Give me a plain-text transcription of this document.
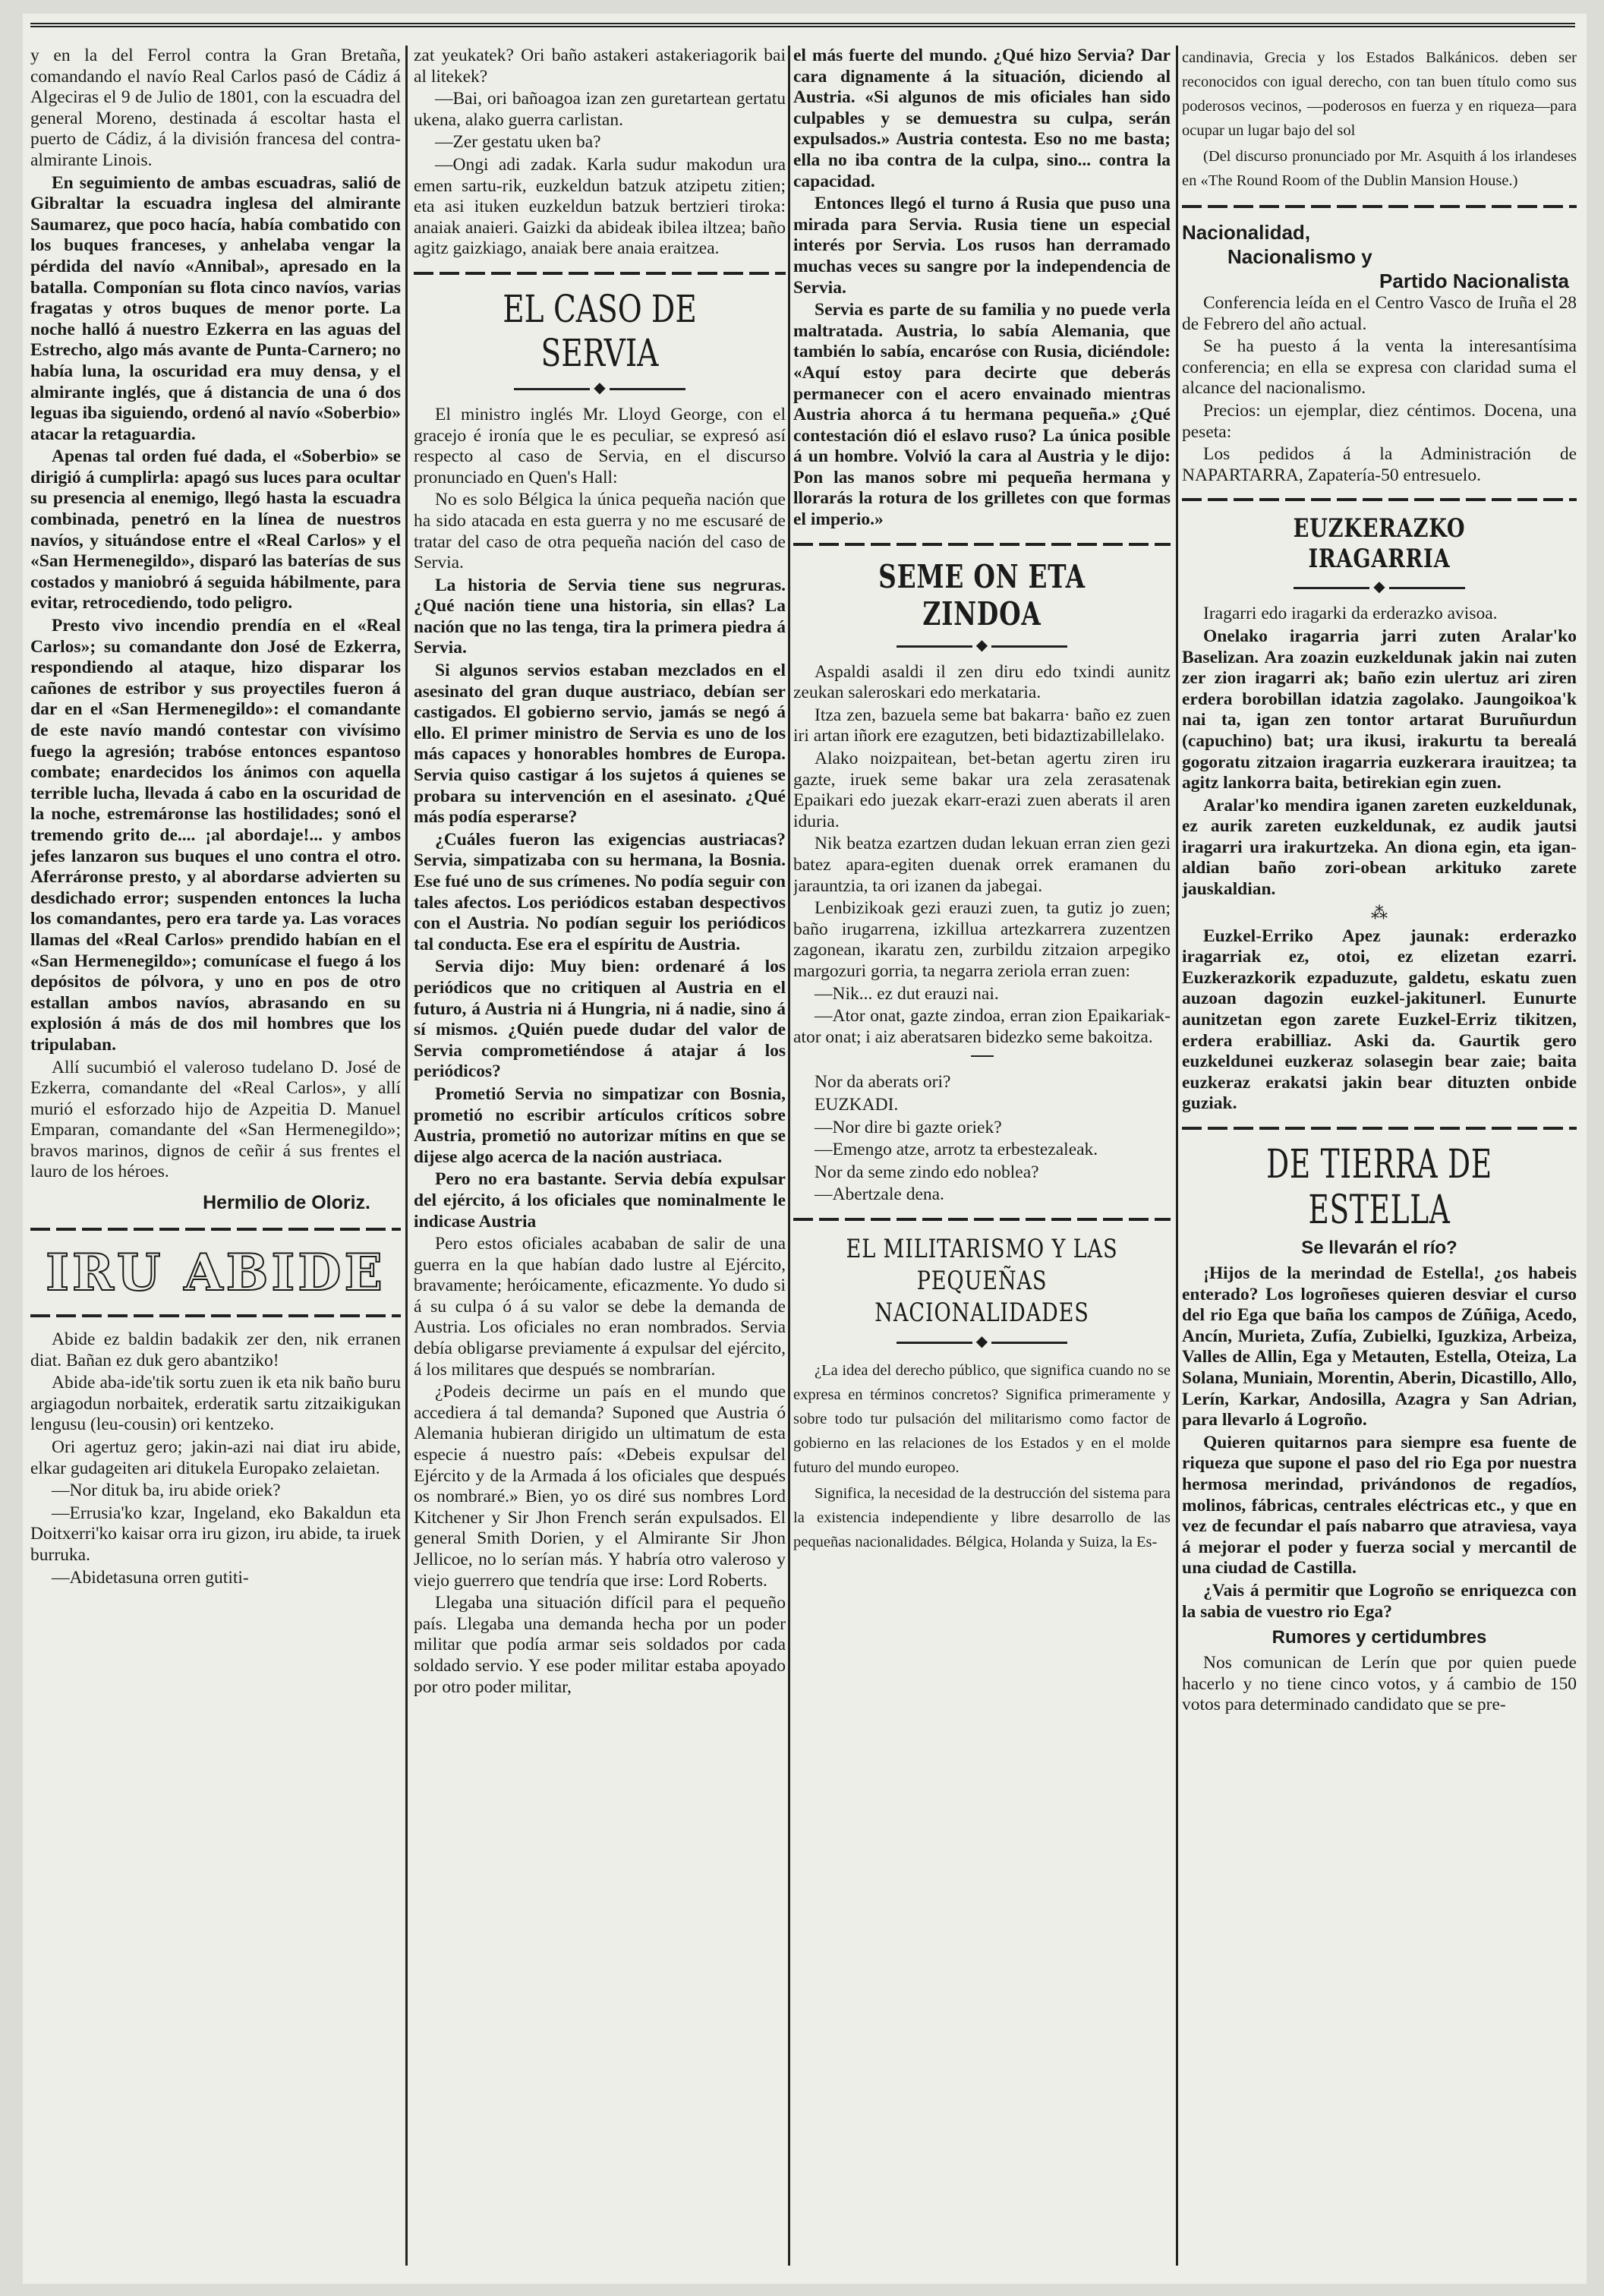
y en la del Ferrol contra la Gran Bretaña, comandando el navío Real Carlos pasó de Cádiz á Algeciras el 9 de Julio de 1801, con la escuadra del general Moreno, destinada á escoltar hasta el puerto de Cádiz, á la división francesa del contra-almirante Linois.

En seguimiento de ambas escuadras, salió de Gibraltar la escuadra inglesa del almirante Saumarez, que poco hacía, había combatido con los buques franceses, y anhelaba vengar la pérdida del navío «Annibal», apresado en la batalla. Componían su flota cinco navíos, varias fragatas y otros buques de menor porte. La noche halló á nuestro Ezkerra en las aguas del Estrecho, algo más avante de Punta-Carnero; no había luna, la oscuridad era muy densa, y el almirante inglés, que á distancia de una ó dos leguas iba siguiendo, ordenó al navío «Soberbio» atacar la retaguardia.

Apenas tal orden fué dada, el «Soberbio» se dirigió á cumplirla: apagó sus luces para ocultar su presencia al enemigo, llegó hasta la escuadra combinada, penetró en la línea de nuestros navíos, y situándose entre el «Real Carlos» y el «San Hermenegildo», disparó las baterías de sus costados y maniobró á seguida hábilmente, para evitar, retrocediendo, todo peligro.

Presto vivo incendio prendía en el «Real Carlos»; su comandante don José de Ezkerra, respondiendo al ataque, hizo disparar los cañones de estribor y sus proyectiles fueron á dar en el «San Hermenegildo»: el comandante de este navío mandó contestar con vivísimo fuego la agresión; trabóse entonces espantoso combate; enardecidos los ánimos con aquella terrible lucha, llevada á cabo en la oscuridad de la noche, estremáronse las hostilidades; sonó el tremendo grito de.... ¡al abordaje!... y ambos jefes lanzaron sus buques el uno contra el otro. Aferráronse presto, y al abordarse advierten su desdichado error; suspenden entonces la lucha los comandantes, pero era tarde ya. Las voraces llamas del «Real Carlos» prendido habían en el «San Hermenegildo»; comunícase el fuego á los depósitos de pólvora, y uno en pos de otro estallan ambos navíos, abrasando en su explosión á más de dos mil hombres que los tripulaban.

Allí sucumbió el valeroso tudelano D. José de Ezkerra, comandante del «Real Carlos», y allí murió el esforzado hijo de Azpeitia D. Manuel Emparan, comandante del «San Hermenegildo»; bravos marinos, dignos de ceñir á sus frentes el lauro de los héroes.

Hermilio de Oloriz.
IRU ABIDE

Abide ez baldin badakik zer den, nik erranen diat. Bañan ez duk gero abantziko!

Abide aba-ide'tik sortu zuen ik eta nik baño buru argiagodun norbaitek, erderatik sartu zitzaikigukan lengusu (leu-cousin) ori kentzeko.

Ori agertuz gero; jakin-azi nai diat iru abide, elkar gudageiten ari ditukela Europako zelaietan.

—Nor dituk ba, iru abide oriek?

—Errusia'ko kzar, Ingeland, eko Bakaldun eta Doitxerri'ko kaisar orra iru gizon, iru abide, ta iruek burruka.

—Abidetasuna orren gutiti-

zat yeukatek? Ori baño astakeri astakeriagorik bai al litekek?

—Bai, ori bañoagoa izan zen guretartean gertatu ukena, alako guerra carlistan.

—Zer gestatu uken ba?

—Ongi adi zadak. Karla sudur makodun ura emen sartu-rik, euzkeldun batzuk atzipetu zitien; eta asi ituken euzkeldun batzuk bertzieri tiroka: anaiak anaieri. Gaizki da abideak ibilea iltzea; baño agitz gaizkiago, anaiak bere anaia eraitzea.

EL CASO DE SERVIA
◆

El ministro inglés Mr. Lloyd George, con el gracejo é ironía que le es peculiar, se expresó así respecto al caso de Servia, en el discurso pronunciado en Quen's Hall:

No es solo Bélgica la única pequeña nación que ha sido atacada en esta guerra y no me escusaré de tratar del caso de otra pequeña nación del caso de Servia.

La historia de Servia tiene sus negruras. ¿Qué nación tiene una historia, sin ellas? La nación que no las tenga, tira la primera piedra á Servia.

Si algunos servios estaban mezclados en el asesinato del gran duque austriaco, debían ser castigados. El gobierno servio, jamás se negó á ello. El primer ministro de Servia es uno de los más capaces y honorables hombres de Europa. Servia quiso castigar á los sujetos á quienes se probara su intervención en el asesinato. ¿Qué más podía esperarse?

¿Cuáles fueron las exigencias austriacas? Servia, simpatizaba con su hermana, la Bosnia. Ese fué uno de sus crímenes. No podía seguir con tales afectos. Los periódicos estaban despectivos con el Austria. No podían seguir los periódicos tal conducta. Ese era el espíritu de Austria.

Servia dijo: Muy bien: ordenaré á los periódicos que no critiquen al Austria en el futuro, á Austria ni á Hungria, ni á nadie, sino á sí mismos. ¿Quién puede dudar del valor de Servia comprometiéndose á atajar á los periódicos?

Prometió Servia no simpatizar con Bosnia, prometió no escribir artículos críticos sobre Austria, prometió no autorizar mítins en que se dijese algo acerca de la nación austriaca.

Pero no era bastante. Servia debía expulsar del ejército, á los oficiales que nominalmente le indicase Austria

Pero estos oficiales acababan de salir de una guerra en la que habían dado lustre al Ejército, bravamente; heróicamente, eficazmente. Yo dudo si á su culpa ó á su valor se debe la demanda de Austria. Los oficiales no eran nombrados. Servia debía obligarse previamente á expulsar del ejército, á los militares que después se nombrarían.

¿Podeis decirme un país en el mundo que accediera á tal demanda? Suponed que Austria ó Alemania hubieran dirigido un ultimatum de esta especie á nuestro país: «Debeis expulsar del Ejército y de la Armada á los oficiales que después os nombraré.» Bien, yo os diré sus nombres Lord Kitchener y Sir Jhon French serán expulsados. El general Smith Dorien, y el Almirante Sir Jhon Jellicoe, no lo serían más. Y habría otro valeroso y viejo guerrero que tendría que irse: Lord Roberts.

Llegaba una situación difícil para el pequeño país. Llegaba una demanda hecha por un poder militar que podía armar seis soldados por cada soldado servio. Y ese poder militar estaba apoyado por otro poder militar,

el más fuerte del mundo. ¿Qué hizo Servia? Dar cara dignamente á la situación, diciendo al Austria. «Si algunos de mis oficiales han sido culpables y se demuestra su culpa, serán expulsados.» Austria contesta. Eso no me basta; ella no iba contra de la culpa, sino... contra la capacidad.

Entonces llegó el turno á Rusia que puso una mirada para Servia. Rusia tiene un especial interés por Servia. Los rusos han derramado muchas veces su sangre por la independencia de Servia.

Servia es parte de su familia y no puede verla maltratada. Austria, lo sabía Alemania, que también lo sabía, encaróse con Rusia, diciéndole: «Aquí estoy para decirte que deberás permanecer con el acero envainado mientras Austria ahorca á tu hermana pequeña.» ¿Qué contestación dió el eslavo ruso? La única posible á un hombre. Volvió la cara al Austria y le dijo: Pon las manos sobre mi pequeña hermana y llorarás la rotura de los grilletes con que formas el imperio.»

SEME ON ETA ZINDOA
◆

Aspaldi asaldi il zen diru edo txindi aunitz zeukan saleroskari edo merkataria.

Itza zen, bazuela seme bat bakarra· baño ez zuen iri artan iñork ere ezagutzen, beti bidaztizabillelako.

Alako noizpaitean, bet-betan agertu ziren iru gazte, iruek seme bakar ura zela zerasatenak Epaikari edo juezak ekarr-erazi zuen aberats il aren iduria.

Nik beatza ezartzen dudan lekuan erran zien gezi batez apara-egiten duenak orrek eramanen du jarauntzia, ta ori izanen da jabegai.

Lenbizikoak gezi erauzi zuen, ta gutiz jo zuen; baño irugarrena, izkillua artezkarrera zuzentzen zagonean, ikaratu zen, zurbildu zitzaion arpegiko margozuri gorria, ta negarra zeriola erran zuen:

—Nik... ez dut erauzi nai.

—Ator onat, gazte zindoa, erran zion Epaikariak-ator onat; i aiz aberatsaren bidezko seme bakoitza.

Nor da aberats ori?

EUZKADI.

—Nor dire bi gazte oriek?

—Emengo atze, arrotz ta erbestezaleak.

Nor da seme zindo edo noblea?

—Abertzale dena.

EL MILITARISMO Y LAS
PEQUEÑAS NACIONALIDADES
◆

¿La idea del derecho público, que significa cuando no se expresa en términos concretos? Significa primeramente y sobre todo tur pulsación del militarismo como factor de gobierno en las relaciones de los Estados y en el molde futuro del mundo europeo.

Significa, la necesidad de la destrucción del sistema para la existencia independiente y libre desarrollo de las pequeñas nacionalidades. Bélgica, Holanda y Suiza, la Es-

candinavia, Grecia y los Estados Balkánicos. deben ser reconocidos con igual derecho, con tan buen título como sus poderosos vecinos, —poderosos en fuerza y en riqueza—para ocupar un lugar bajo del sol

(Del discurso pronunciado por Mr. Asquith á los irlandeses en «The Round Room of the Dublin Mansion House.)

Nacionalidad,
Nacionalismo y
Partido Nacionalista

Conferencia leída en el Centro Vasco de Iruña el 28 de Febrero del año actual.

Se ha puesto á la venta la interesantísima conferencia; en ella se expresa con claridad suma el alcance del nacionalismo.

Precios: un ejemplar, diez céntimos. Docena, una peseta:

Los pedidos á la Administración de NAPARTARRA, Zapatería-50 entresuelo.

EUZKERAZKO IRAGARRIA
◆

Iragarri edo iragarki da erderazko avisoa.

Onelako iragarria jarri zuten Aralar'ko Baselizan. Ara zoazin euzkeldunak jakin nai zuten zer zion iragarri ak; baño ezin ulertuz ari ziren erdera borobillan idatzia zagolako. Jaungoikoa'k nai ta, igan zen tontor artarat Buruñurdun (capuchino) bat; ura ikusi, irakurtu ta berealá gogoratu zitzaion iragarria euzkerara irauitzea; ta agitz lankorra baita, betirekian egin zuen.

Aralar'ko mendira iganen zareten euzkeldunak, ez aurik zareten euzkeldunak, ez audik jautsi iragarri ura irakurtzeka. An diona egin, eta igan-aldian baño zori-obean arkituko zarete jauskaldian.

⁂

Euzkel-Erriko Apez jaunak: erderazko iragarriak ez, otoi, ez elizetan ezarri. Euzkerazkorik ezpaduzute, galdetu, eskatu zuen auzoan dagozin euzkel-jakitunerl. Eunurte aunitzetan egon zarete Euzkel-Erriz tikitzen, erdera erabilliaz. Aski da. Gaurtik gero euzkeldunei euzkeraz solasegin bear zaie; baita euzkeraz erakatsi jakin bear dituzten onbide guziak.

DE TIERRA DE ESTELLA
Se llevarán el río?

¡Hijos de la merindad de Estella!, ¿os habeis enterado? Los logroñeses quieren desviar el curso del rio Ega que baña los campos de Zúñiga, Acedo, Ancín, Murieta, Zufía, Zubielki, Iguzkiza, Arbeiza, Valles de Allin, Ega y Metauten, Estella, Oteiza, La Solana, Muniain, Morentin, Aberin, Dicastillo, Allo, Lerín, Karkar, Andosilla, Azagra y San Adrian, para llevarlo á Logroño.

Quieren quitarnos para siempre esa fuente de riqueza que supone el paso del rio Ega por nuestra hermosa merindad, privándonos de regadíos, molinos, fábricas, centrales eléctricas etc., y que en vez de fecundar el país nabarro que atraviesa, vaya á mejorar el poder y fuerza social y mercantil de una ciudad de Castilla.

¿Vais á permitir que Logroño se enriquezca con la sabia de vuestro rio Ega?

Rumores y certidumbres

Nos comunican de Lerín que por quien puede hacerlo y no tiene cinco votos, y á cambio de 150 votos para determinado candidato que se pre-
